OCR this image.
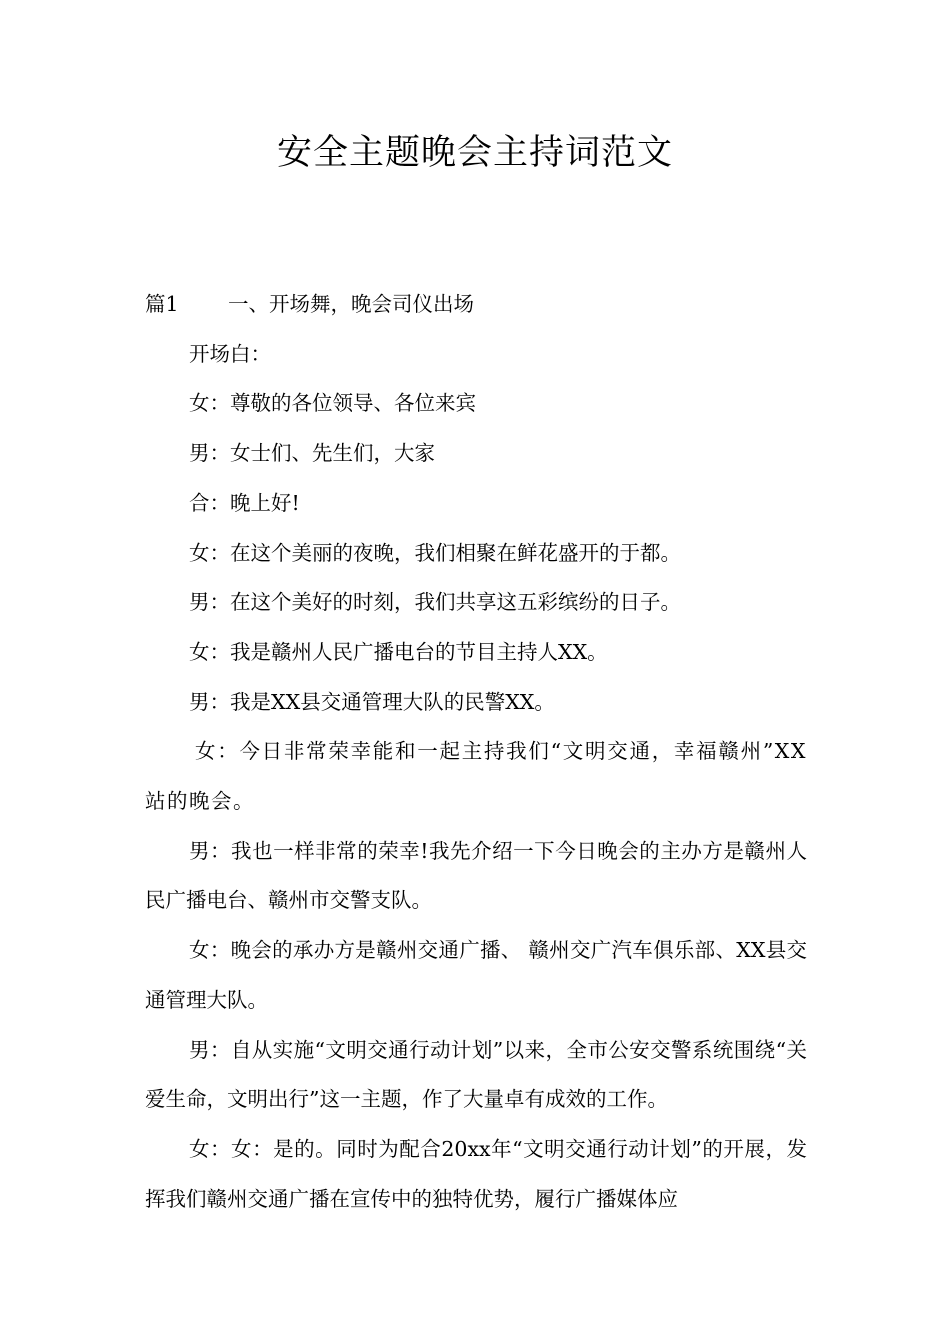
安全主题晚会主持词范文

篇1 一、开场舞，晚会司仪出场

开场白：

女：尊敬的各位领导、各位来宾

男：女士们、先生们，大家

合：晚上好!

女：在这个美丽的夜晚，我们相聚在鲜花盛开的于都。

男：在这个美好的时刻，我们共享这五彩缤纷的日子。

女：我是赣州人民广播电台的节目主持人XX。

男：我是XX县交通管理大队的民警XX。

女：今日非常荣幸能和一起主持我们“文明交通，幸福赣州”XX站的晚会。

男：我也一样非常的荣幸!我先介绍一下今日晚会的主办方是赣州人民广播电台、赣州市交警支队。

女：晚会的承办方是赣州交通广播、 赣州交广汽车俱乐部、XX县交通管理大队。

男：自从实施“文明交通行动计划”以来，全市公安交警系统围绕“关爱生命，文明出行”这一主题，作了大量卓有成效的工作。

女：女：是的。同时为配合20xx年“文明交通行动计划”的开展，发挥我们赣州交通广播在宣传中的独特优势，履行广播媒体应
